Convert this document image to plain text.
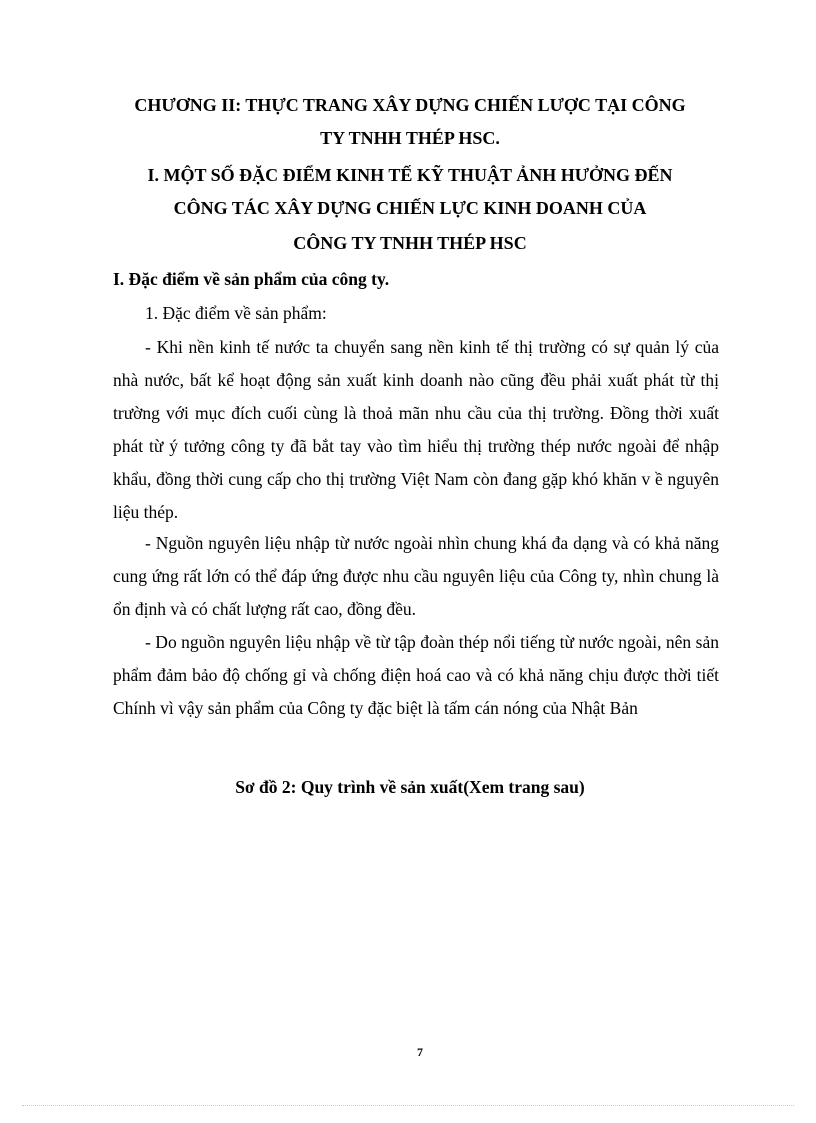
CHƯƠNG II: THỰC TRANG XÂY DỰNG CHIẾN LƯỢC TẠI CÔNG

TY TNHH THÉP HSC.

I. MỘT SỐ ĐẶC ĐIỂM KINH TẾ KỸ THUẬT ẢNH HƯỞNG ĐẾN

CÔNG TÁC XÂY DỰNG CHIẾN LỰC KINH DOANH CỦA

CÔNG TY TNHH THÉP HSC

I. Đặc điểm về sản phẩm của công ty.

1. Đặc điểm về sản phẩm:

- Khi nền kinh tế nước ta chuyển sang nền kinh tế thị trường có sự quản lý của nhà nước, bất kể hoạt động sản xuất kinh doanh nào cũng đều phải xuất phát từ thị trường với mục đích cuối cùng là thoả mãn nhu cầu của thị trường. Đồng thời xuất phát từ ý tưởng công ty đã bắt tay vào tìm hiểu thị trường thép nước ngoài để nhập khẩu, đồng thời cung cấp cho thị trường Việt Nam còn đang gặp khó khăn v ề nguyên liệu thép.

- Nguồn nguyên liệu nhập từ nước ngoài nhìn chung khá đa dạng và có khả năng cung ứng rất lớn có thể đáp ứng được nhu cầu nguyên liệu của Công ty, nhìn chung là ổn định và có chất lượng rất cao, đồng đều.

- Do nguồn nguyên liệu nhập về từ tập đoàn thép nổi tiếng từ nước ngoài, nên sản phẩm đảm bảo độ chống gỉ và chống điện hoá cao và có khả năng chịu được thời tiết Chính vì vậy sản phẩm của Công ty đặc biệt là tấm cán nóng của Nhật Bản

Sơ đồ 2: Quy trình về sản xuất(Xem trang sau)

7
